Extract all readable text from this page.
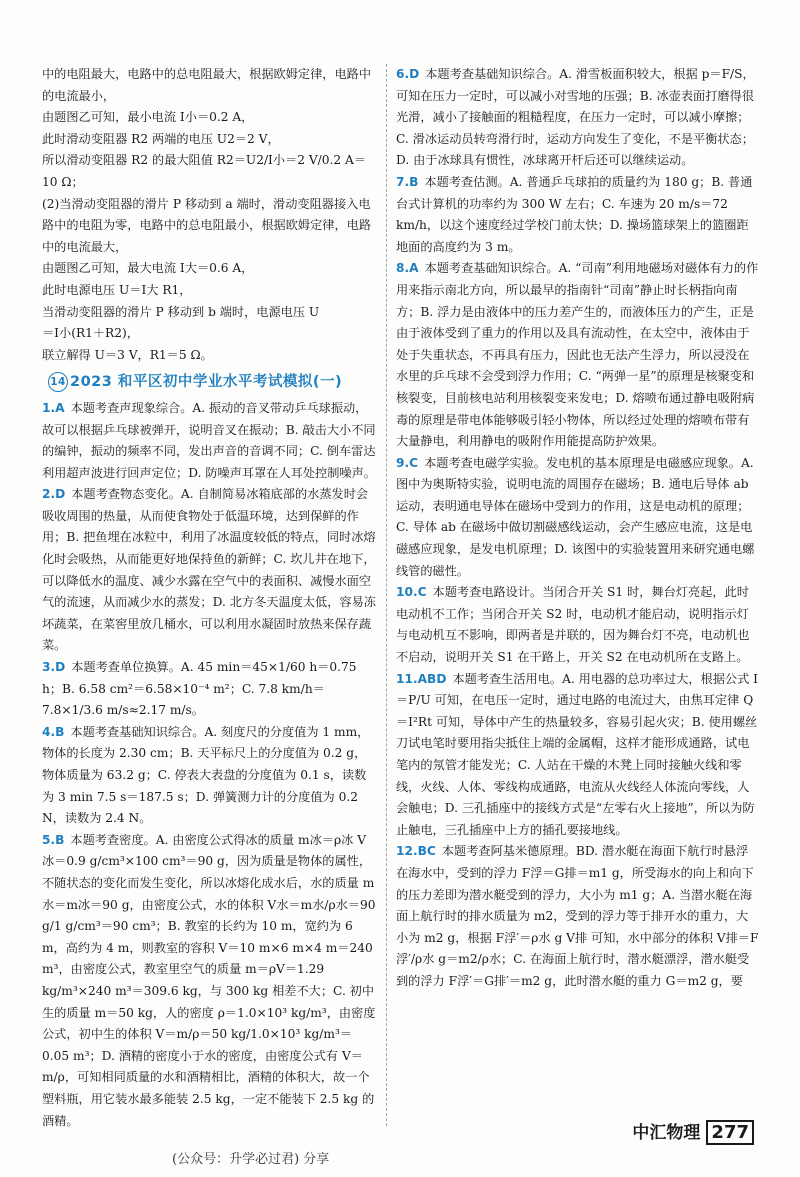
中的电阻最大，电路中的总电阻最大，根据欧姆定律，电路中

的电流最小，

由题图乙可知，最小电流 I小＝0.2 A，

此时滑动变阻器 R2 两端的电压 U2＝2 V，

所以滑动变阻器 R2 的最大阻值 R2＝U2/I小＝2 V/0.2 A＝10 Ω；

(2)当滑动变阻器的滑片 P 移动到 a 端时，滑动变阻器接入电

路中的电阻为零，电路中的总电阻最小，根据欧姆定律，电路

中的电流最大，

由题图乙可知，最大电流 I大＝0.6 A，

此时电源电压 U＝I大 R1，

当滑动变阻器的滑片 P 移动到 b 端时，电源电压 U

＝I小(R1＋R2)，

联立解得 U＝3 V，R1＝5 Ω。

14 2023 和平区初中学业水平考试模拟(一)

1.A 本题考查声现象综合。A. 振动的音叉带动乒乓球振动，故可以根据乒乓球被弹开，说明音叉在振动；B. 敲击大小不同的编钟，振动的频率不同，发出声音的音调不同；C. 倒车雷达利用超声波进行回声定位；D. 防噪声耳罩在人耳处控制噪声。

2.D 本题考查物态变化。A. 自制简易冰箱底部的水蒸发时会吸收周围的热量，从而使食物处于低温环境，达到保鲜的作用；B. 把鱼埋在冰粒中，利用了冰温度较低的特点，同时冰熔化时会吸热，从而能更好地保持鱼的新鲜；C. 坎儿井在地下，可以降低水的温度、减少水露在空气中的表面积、减慢水面空气的流速，从而减少水的蒸发；D. 北方冬天温度太低，容易冻坏蔬菜，在菜窖里放几桶水，可以利用水凝固时放热来保存蔬菜。

3.D 本题考查单位换算。A. 45 min＝45×1/60 h＝0.75 h；B. 6.58 cm²＝6.58×10⁻⁴ m²；C. 7.8 km/h＝7.8×1/3.6 m/s≈2.17 m/s。

4.B 本题考查基础知识综合。A. 刻度尺的分度值为 1 mm，物体的长度为 2.30 cm；B. 天平标尺上的分度值为 0.2 g，物体质量为 63.2 g；C. 停表大表盘的分度值为 0.1 s，读数为 3 min 7.5 s＝187.5 s；D. 弹簧测力计的分度值为 0.2 N，读数为 2.4 N。

5.B 本题考查密度。A. 由密度公式得冰的质量 m冰＝ρ冰 V冰＝0.9 g/cm³×100 cm³＝90 g，因为质量是物体的属性，不随状态的变化而发生变化，所以冰熔化成水后，水的质量 m水＝m冰＝90 g，由密度公式，水的体积 V水＝m水/ρ水＝90 g/1 g/cm³＝90 cm³；B. 教室的长约为 10 m，宽约为 6 m，高约为 4 m，则教室的容积 V＝10 m×6 m×4 m＝240 m³，由密度公式，教室里空气的质量 m＝ρV＝1.29 kg/m³×240 m³＝309.6 kg，与 300 kg 相差不大；C. 初中生的质量 m＝50 kg，人的密度 ρ＝1.0×10³ kg/m³，由密度公式，初中生的体积 V＝m/ρ＝50 kg/1.0×10³ kg/m³＝0.05 m³；D. 酒精的密度小于水的密度，由密度公式有 V＝m/ρ，可知相同质量的水和酒精相比，酒精的体积大，故一个塑料瓶，用它装水最多能装 2.5 kg，一定不能装下 2.5 kg 的酒精。

6.D 本题考查基础知识综合。A. 滑雪板面积较大，根据 p＝F/S，可知在压力一定时，可以减小对雪地的压强；B. 冰壶表面打磨得很光滑，减小了接触面的粗糙程度，在压力一定时，可以减小摩擦；C. 滑冰运动员转弯滑行时，运动方向发生了变化，不是平衡状态；D. 由于冰球具有惯性，冰球离开杆后还可以继续运动。

7.B 本题考查估测。A. 普通乒乓球拍的质量约为 180 g；B. 普通台式计算机的功率约为 300 W 左右；C. 车速为 20 m/s＝72 km/h，以这个速度经过学校门前太快；D. 操场篮球架上的篮圈距地面的高度约为 3 m。

8.A 本题考查基础知识综合。A. “司南”利用地磁场对磁体有力的作用来指示南北方向，所以最早的指南针“司南”静止时长柄指向南方；B. 浮力是由液体中的压力差产生的，而液体压力的产生，正是由于液体受到了重力的作用以及具有流动性，在太空中，液体由于处于失重状态，不再具有压力，因此也无法产生浮力，所以浸没在水里的乒乓球不会受到浮力作用；C. “两弹一星”的原理是核聚变和核裂变，目前核电站利用核裂变来发电；D. 熔喷布通过静电吸附病毒的原理是带电体能够吸引轻小物体，所以经过处理的熔喷布带有大量静电，利用静电的吸附作用能提高防护效果。

9.C 本题考查电磁学实验。发电机的基本原理是电磁感应现象。A. 图中为奥斯特实验，说明电流的周围存在磁场；B. 通电后导体 ab 运动，表明通电导体在磁场中受到力的作用，这是电动机的原理；C. 导体 ab 在磁场中做切割磁感线运动，会产生感应电流，这是电磁感应现象，是发电机原理；D. 该图中的实验装置用来研究通电螺线管的磁性。

10.C 本题考查电路设计。当闭合开关 S1 时，舞台灯亮起，此时电动机不工作；当闭合开关 S2 时，电动机才能启动，说明指示灯与电动机互不影响，即两者是并联的，因为舞台灯不亮，电动机也不启动，说明开关 S1 在干路上，开关 S2 在电动机所在支路上。

11.ABD 本题考查生活用电。A. 用电器的总功率过大，根据公式 I＝P/U 可知，在电压一定时，通过电路的电流过大，由焦耳定律 Q＝I²Rt 可知，导体中产生的热量较多，容易引起火灾；B. 使用螺丝刀试电笔时要用指尖抵住上端的金属帽，这样才能形成通路，试电笔内的氖管才能发光；C. 人站在干燥的木凳上同时接触火线和零线，火线、人体、零线构成通路，电流从火线经人体流向零线，人会触电；D. 三孔插座中的接线方式是“左零右火上接地”，所以为防止触电，三孔插座中上方的插孔要接地线。

12.BC 本题考查阿基米德原理。BD. 潜水艇在海面下航行时悬浮在海水中，受到的浮力 F浮＝G排＝m1 g，所受海水的向上和向下的压力差即为潜水艇受到的浮力，大小为 m1 g；A. 当潜水艇在海面上航行时的排水质量为 m2，受到的浮力等于排开水的重力，大小为 m2 g，根据 F浮′＝ρ水 g V排 可知，水中部分的体积 V排＝F浮′/ρ水 g＝m2/ρ水；C. 在海面上航行时，潜水艇漂浮，潜水艇受到的浮力 F浮′＝G排′＝m2 g，此时潜水艇的重力 G＝m2 g，要

中汇物理 277
(公众号：升学必过君) 分享
